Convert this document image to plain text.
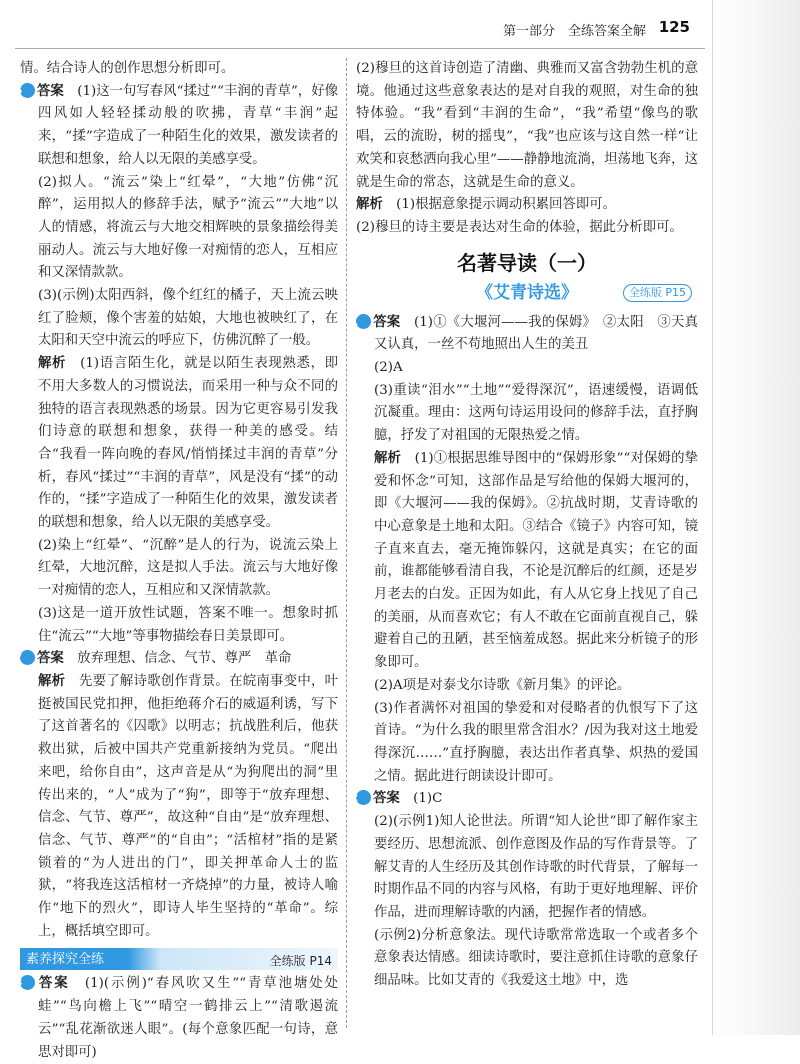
第一部分　全练答案全解 125

情。结合诗人的创作思想分析即可。

6 答案　 (1)这一句写春风“揉过”“丰润的青草”，好像四风如人轻轻揉动般的吹拂，青草“丰润”起来，“揉”字造成了一种陌生化的效果，激发读者的联想和想象，给人以无限的美感享受。

(2)拟人。“流云”染上“红晕”，“大地”仿佛“沉醉”，运用拟人的修辞手法，赋予“流云”“大地”以人的情感，将流云与大地交相辉映的景象描绘得美丽动人。流云与大地好像一对痴情的恋人，互相应和又深情款款。

(3)(示例)太阳西斜，像个红红的橘子，天上流云映红了脸颊，像个害羞的姑娘，大地也被映红了，在太阳和天空中流云的呼应下，仿佛沉醉了一般。

解析　 (1)语言陌生化，就是以陌生表现熟悉，即不用大多数人的习惯说法，而采用一种与众不同的独特的语言表现熟悉的场景。因为它更容易引发我们诗意的联想和想象，获得一种美的感受。结合“我看一阵向晚的春风/悄悄揉过丰润的青草”分析，春风“揉过”“丰润的青草”，风是没有“揉”的动作的，“揉”字造成了一种陌生化的效果，激发读者的联想和想象，给人以无限的美感享受。

(2)染上“红晕”、“沉醉”是人的行为，说流云染上红晕，大地沉醉，这是拟人手法。流云与大地好像一对痴情的恋人，互相应和又深情款款。

(3)这是一道开放性试题，答案不唯一。想象时抓住“流云”“大地”等事物描绘春日美景即可。

7 答案　 放弃理想、信念、气节、尊严　革命

解析　 先要了解诗歌创作背景。在皖南事变中，叶挺被国民党扣押，他拒绝蒋介石的威逼利诱，写下了这首著名的《囚歌》以明志；抗战胜利后，他获救出狱，后被中国共产党重新接纳为党员。“爬出来吧，给你自由”，这声音是从“为狗爬出的洞”里传出来的，“人”成为了“狗”，即等于“放弃理想、信念、气节、尊严”，故这种“自由”是“放弃理想、信念、气节、尊严”的“自由”；“活棺材”指的是紧锁着的“为人进出的门”，即关押革命人士的监狱，“将我连这活棺材一齐烧掉”的力量，被诗人喻作“地下的烈火”，即诗人毕生坚持的“革命”。综上，概括填空即可。

素养探究全练	全练版 P14

8 答案　 (1)(示例)“春风吹又生”“青草池塘处处蛙”“鸟向檐上飞”“晴空一鹤排云上”“清歌遏流云”“乱花渐欲迷人眼”。(每个意象匹配一句诗，意思对即可)

(2)穆旦的这首诗创造了清幽、典雅而又富含勃勃生机的意境。他通过这些意象表达的是对自我的观照，对生命的独特体验。“我”看到“丰润的生命”，“我”希望“像鸟的歌唱，云的流盼，树的摇曳”，“我”也应该与这自然一样“让欢笑和哀愁洒向我心里”——静静地流淌，坦荡地飞奔，这就是生命的常态，这就是生命的意义。

解析　 (1)根据意象提示调动积累回答即可。

(2)穆旦的诗主要是表达对生命的体验，据此分析即可。

名著导读（一）
《艾青诗选》	全练版 P15

1 答案　 (1)①《大堰河——我的保姆》　②太阳　③天真又认真，一丝不苟地照出人生的美丑

(2)A

(3)重读“泪水”“土地”“爱得深沉”，语速缓慢，语调低沉凝重。理由：这两句诗运用设问的修辞手法，直抒胸臆，抒发了对祖国的无限热爱之情。

解析　 (1)①根据思维导图中的“保姆形象”“对保姆的挚爱和怀念”可知，这部作品是写给他的保姆大堰河的，即《大堰河——我的保姆》。②抗战时期，艾青诗歌的中心意象是土地和太阳。③结合《镜子》内容可知，镜子直来直去，毫无掩饰躲闪，这就是真实；在它的面前，谁都能够看清自我，不论是沉醉后的红颜，还是岁月老去的白发。正因为如此，有人从它身上找见了自己的美丽，从而喜欢它；有人不敢在它面前直视自己，躲避着自己的丑陋，甚至恼羞成怒。据此来分析镜子的形象即可。

(2)A项是对泰戈尔诗歌《新月集》的评论。

(3)作者满怀对祖国的挚爱和对侵略者的仇恨写下了这首诗。“为什么我的眼里常含泪水？/因为我对这土地爱得深沉……”直抒胸臆，表达出作者真挚、炽热的爱国之情。据此进行朗读设计即可。

2 答案　 (1)C

(2)(示例1)知人论世法。所谓“知人论世”即了解作家主要经历、思想流派、创作意图及作品的写作背景等。了解艾青的人生经历及其创作诗歌的时代背景，了解每一时期作品不同的内容与风格，有助于更好地理解、评价作品，进而理解诗歌的内涵，把握作者的情感。

(示例2)分析意象法。现代诗歌常常选取一个或者多个意象表达情感。细读诗歌时，要注意抓住诗歌的意象仔细品味。比如艾青的《我爱这土地》中，选
